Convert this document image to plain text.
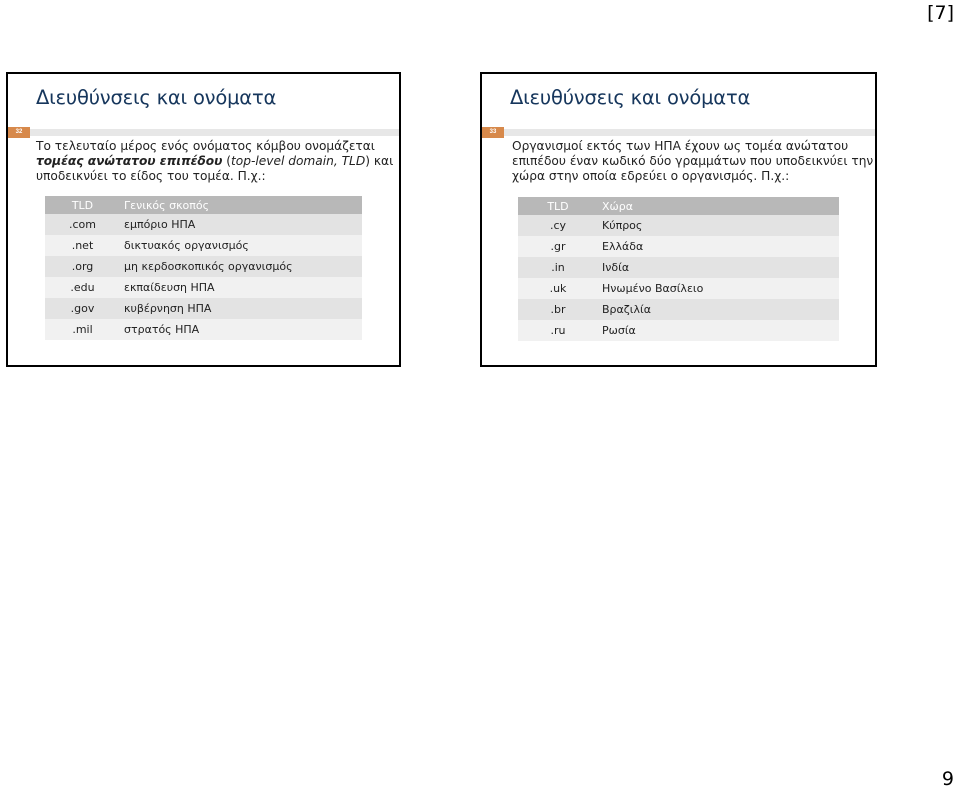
[7]
Διευθύνσεις και ονόματα
32
Το τελευταίο μέρος ενός ονόματος κόμβου ονομάζεται τομέας ανώτατου επιπέδου (top-level domain, TLD) και υποδεικνύει το είδος του τομέα. Π.χ.:
TLD	Γενικός σκοπός
.com	εμπόριο ΗΠΑ
.net	δικτυακός οργανισμός
.org	μη κερδοσκοπικός οργανισμός
.edu	εκπαίδευση ΗΠΑ
.gov	κυβέρνηση ΗΠΑ
.mil	στρατός ΗΠΑ
Διευθύνσεις και ονόματα
33
Οργανισμοί εκτός των ΗΠΑ έχουν ως τομέα ανώτατου επιπέδου έναν κωδικό δύο γραμμάτων που υποδεικνύει την χώρα στην οποία εδρεύει ο οργανισμός. Π.χ.:
TLD	Χώρα
.cy	Κύπρος
.gr	Ελλάδα
.in	Ινδία
.uk	Ηνωμένο Βασίλειο
.br	Βραζιλία
.ru	Ρωσία
9
